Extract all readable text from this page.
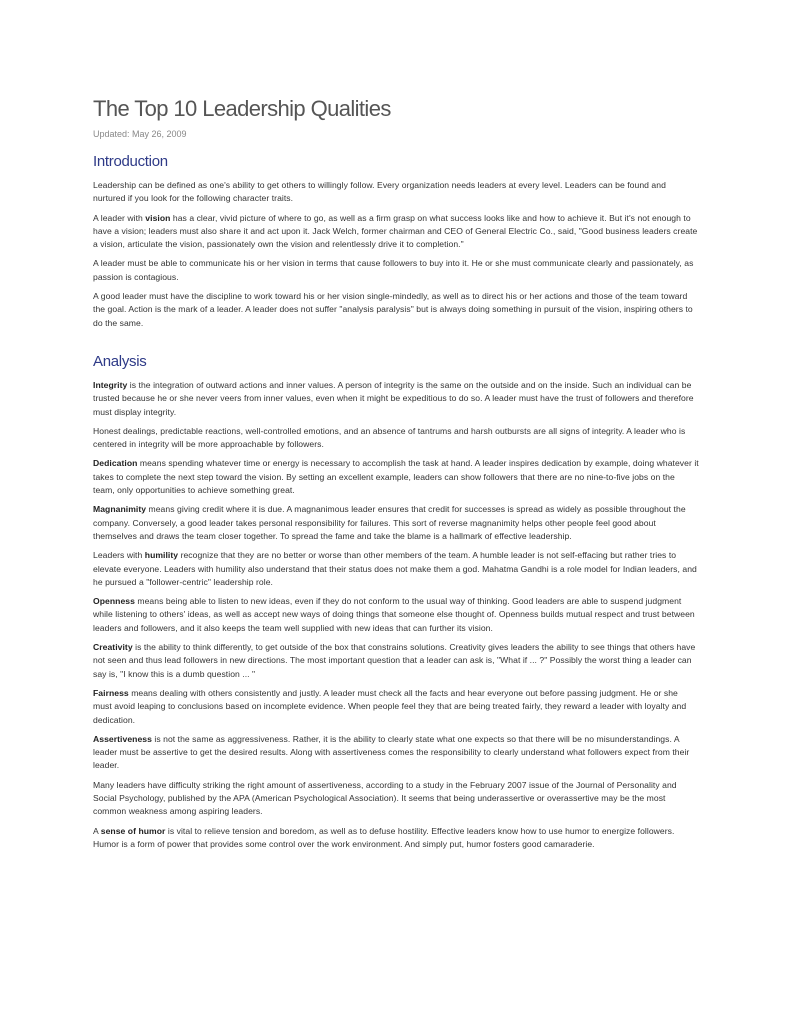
The Top 10 Leadership Qualities
Updated: May 26, 2009
Introduction

Leadership can be defined as one's ability to get others to willingly follow. Every organization needs leaders at every level. Leaders can be found and nurtured if you look for the following character traits.

A leader with vision has a clear, vivid picture of where to go, as well as a firm grasp on what success looks like and how to achieve it. But it's not enough to have a vision; leaders must also share it and act upon it. Jack Welch, former chairman and CEO of General Electric Co., said, "Good business leaders create a vision, articulate the vision, passionately own the vision and relentlessly drive it to completion."

A leader must be able to communicate his or her vision in terms that cause followers to buy into it. He or she must communicate clearly and passionately, as passion is contagious.

A good leader must have the discipline to work toward his or her vision single-mindedly, as well as to direct his or her actions and those of the team toward the goal. Action is the mark of a leader. A leader does not suffer "analysis paralysis" but is always doing something in pursuit of the vision, inspiring others to do the same.

Analysis

Integrity is the integration of outward actions and inner values. A person of integrity is the same on the outside and on the inside. Such an individual can be trusted because he or she never veers from inner values, even when it might be expeditious to do so. A leader must have the trust of followers and therefore must display integrity.

Honest dealings, predictable reactions, well-controlled emotions, and an absence of tantrums and harsh outbursts are all signs of integrity. A leader who is centered in integrity will be more approachable by followers.

Dedication means spending whatever time or energy is necessary to accomplish the task at hand. A leader inspires dedication by example, doing whatever it takes to complete the next step toward the vision. By setting an excellent example, leaders can show followers that there are no nine-to-five jobs on the team, only opportunities to achieve something great.

Magnanimity means giving credit where it is due. A magnanimous leader ensures that credit for successes is spread as widely as possible throughout the company. Conversely, a good leader takes personal responsibility for failures. This sort of reverse magnanimity helps other people feel good about themselves and draws the team closer together. To spread the fame and take the blame is a hallmark of effective leadership.

Leaders with humility recognize that they are no better or worse than other members of the team. A humble leader is not self-effacing but rather tries to elevate everyone. Leaders with humility also understand that their status does not make them a god. Mahatma Gandhi is a role model for Indian leaders, and he pursued a "follower-centric" leadership role.

Openness means being able to listen to new ideas, even if they do not conform to the usual way of thinking. Good leaders are able to suspend judgment while listening to others' ideas, as well as accept new ways of doing things that someone else thought of. Openness builds mutual respect and trust between leaders and followers, and it also keeps the team well supplied with new ideas that can further its vision.

Creativity is the ability to think differently, to get outside of the box that constrains solutions. Creativity gives leaders the ability to see things that others have not seen and thus lead followers in new directions. The most important question that a leader can ask is, "What if ... ?" Possibly the worst thing a leader can say is, "I know this is a dumb question ... "

Fairness means dealing with others consistently and justly. A leader must check all the facts and hear everyone out before passing judgment. He or she must avoid leaping to conclusions based on incomplete evidence. When people feel they that are being treated fairly, they reward a leader with loyalty and dedication.

Assertiveness is not the same as aggressiveness. Rather, it is the ability to clearly state what one expects so that there will be no misunderstandings. A leader must be assertive to get the desired results. Along with assertiveness comes the responsibility to clearly understand what followers expect from their leader.

Many leaders have difficulty striking the right amount of assertiveness, according to a study in the February 2007 issue of the Journal of Personality and Social Psychology, published by the APA (American Psychological Association). It seems that being underassertive or overassertive may be the most common weakness among aspiring leaders.

A sense of humor is vital to relieve tension and boredom, as well as to defuse hostility. Effective leaders know how to use humor to energize followers. Humor is a form of power that provides some control over the work environment. And simply put, humor fosters good camaraderie.
